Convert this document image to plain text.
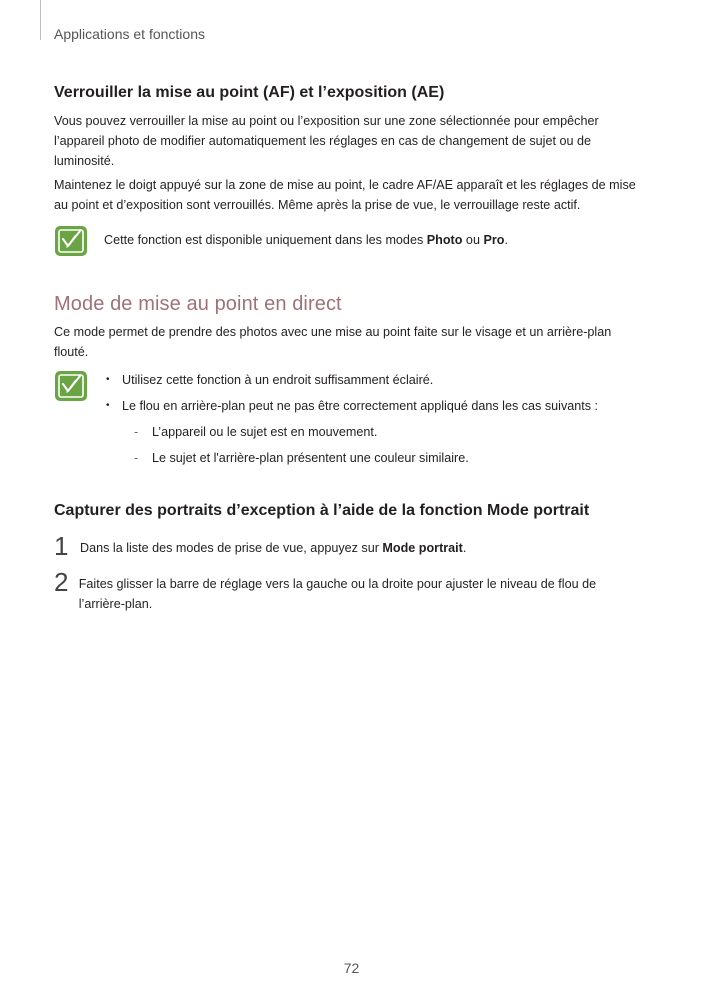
Applications et fonctions
Verrouiller la mise au point (AF) et l’exposition (AE)

Vous pouvez verrouiller la mise au point ou l’exposition sur une zone sélectionnée pour empêcher l’appareil photo de modifier automatiquement les réglages en cas de changement de sujet ou de luminosité.

Maintenez le doigt appuyé sur la zone de mise au point, le cadre AF/AE apparaît et les réglages de mise au point et d’exposition sont verrouillés. Même après la prise de vue, le verrouillage reste actif.

Cette fonction est disponible uniquement dans les modes Photo ou Pro.
Mode de mise au point en direct

Ce mode permet de prendre des photos avec une mise au point faite sur le visage et un arrière-plan flouté.

• Utilisez cette fonction à un endroit suffisamment éclairé.
• Le flou en arrière-plan peut ne pas être correctement appliqué dans les cas suivants :
-	L’appareil ou le sujet est en mouvement.
-	Le sujet et l'arrière-plan présentent une couleur similaire.
Capturer des portraits d’exception à l’aide de la fonction Mode portrait
1 Dans la liste des modes de prise de vue, appuyez sur Mode portrait.
2 Faites glisser la barre de réglage vers la gauche ou la droite pour ajuster le niveau de flou de l’arrière-plan.
72
